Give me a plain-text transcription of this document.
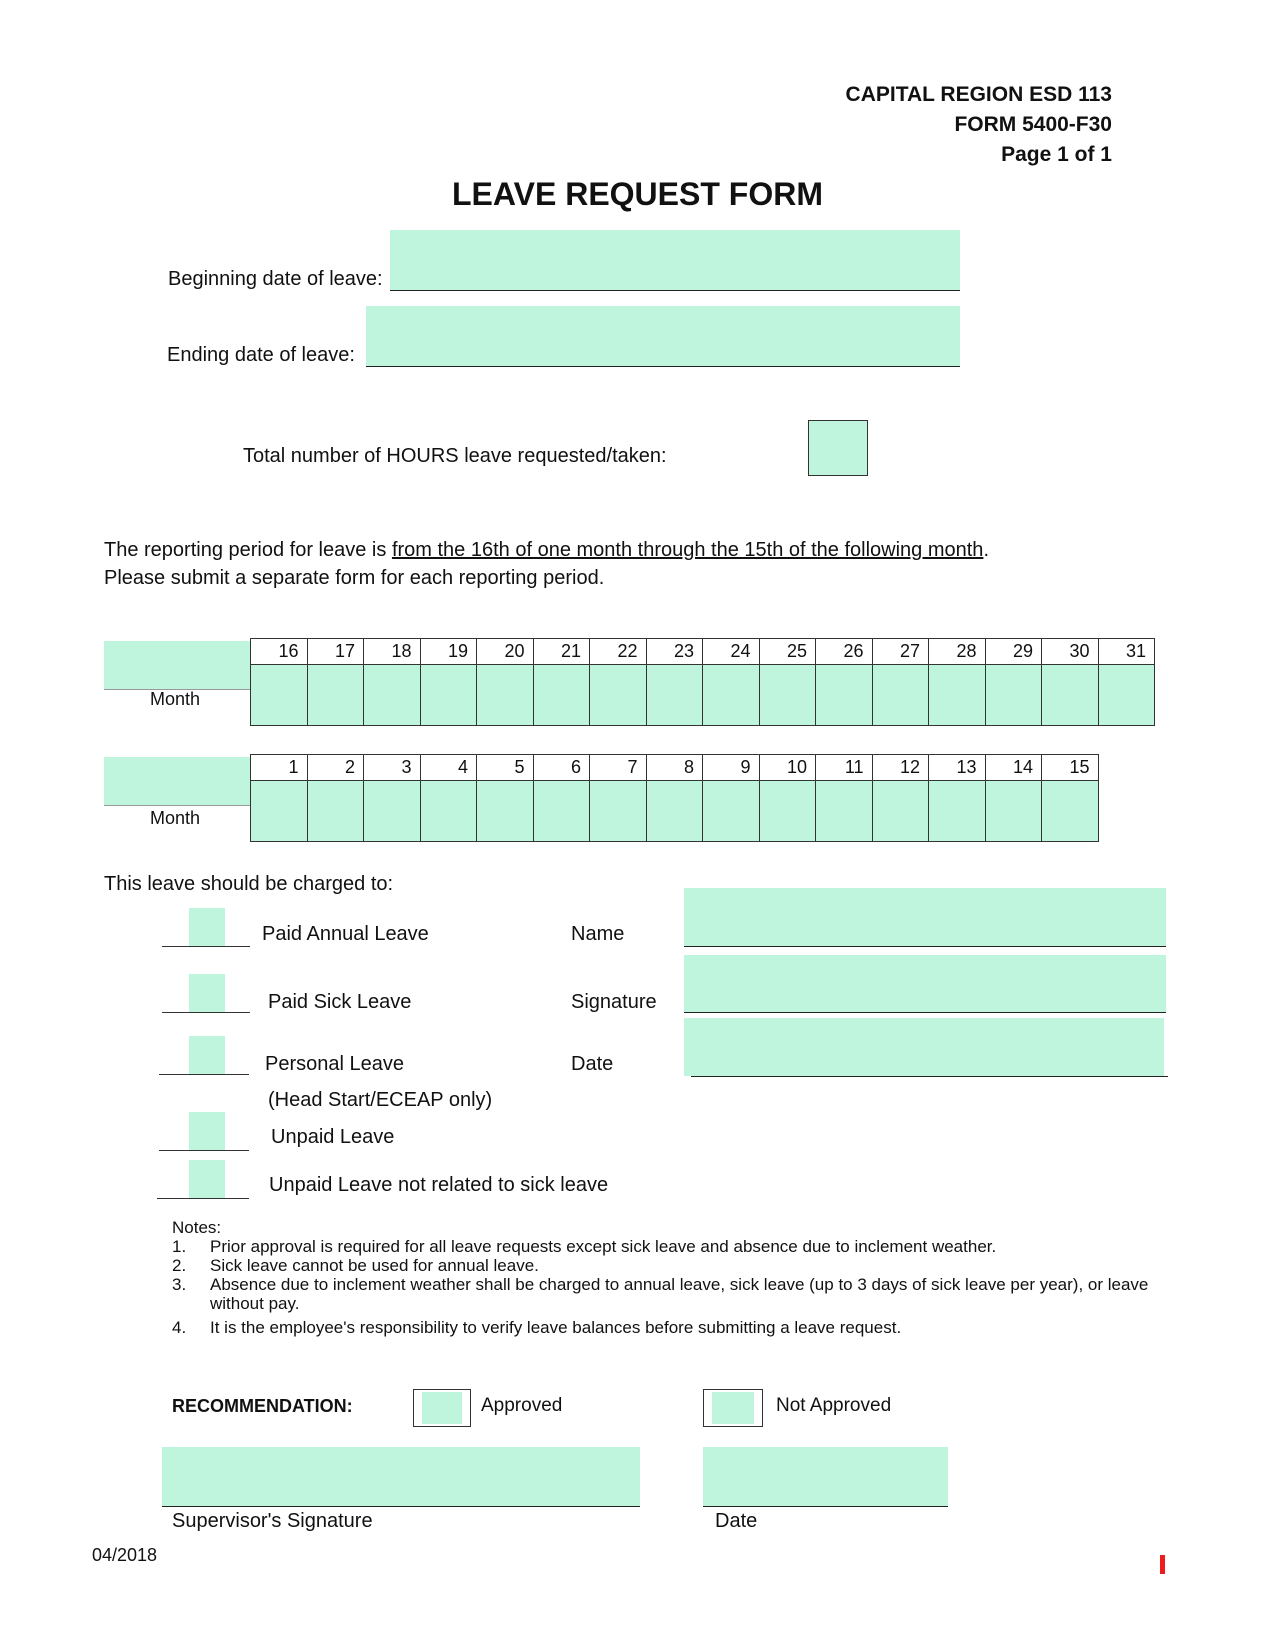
CAPITAL REGION ESD 113
FORM 5400-F30
Page 1 of 1
LEAVE REQUEST FORM
Beginning date of leave:
Ending date of leave:
Total number of HOURS leave requested/taken:
The reporting period for leave is from the 16th of one month through the 15th of the following month.
Please submit a separate form for each reporting period.
Month
16	17	18	19	20	21	22	23	24	25	26	27	28	29	30	31

Month
1	2	3	4	5	6	7	8	9	10	11	12	13	14	15

This leave should be charged to:
Paid Annual Leave
Paid Sick Leave
Personal Leave
(Head Start/ECEAP only)
Unpaid Leave
Unpaid Leave not related to sick leave
Name
Signature
Date
Notes:
1.	Prior approval is required for all leave requests except sick leave and absence due to inclement weather.
2.	Sick leave cannot be used for annual leave.
3.	Absence due to inclement weather shall be charged to annual leave, sick leave (up to 3 days of sick leave per year), or leave without pay.
4.	It is the employee's responsibility to verify leave balances before submitting a leave request.
RECOMMENDATION:	Approved	Not Approved
Supervisor's Signature	Date
04/2018
